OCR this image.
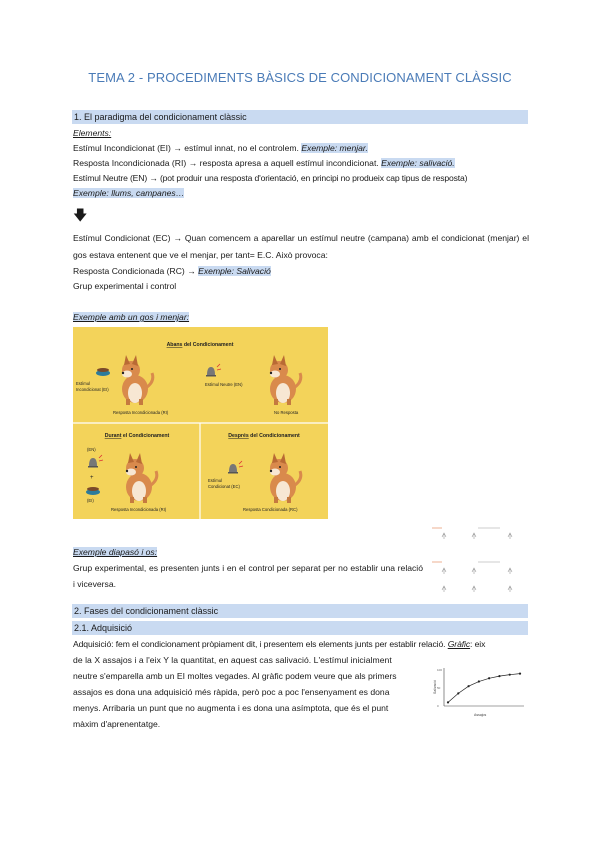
TEMA 2 - PROCEDIMENTS BÀSICS DE CONDICIONAMENT CLÀSSIC
1. El paradigma del condicionament clàssic
Elements:
Estímul Incondicionat (EI) → estímul innat, no el controlem. Exemple: menjar.
Resposta Incondicionada (RI) → resposta apresa a aquell estímul incondicionat. Exemple: salivació.
Estímul Neutre (EN) → (pot produir una resposta d'orientació, en principi no produeix cap tipus de resposta)
Exemple: llums, campanes…
🡇
Estímul Condicionat (EC) → Quan comencem a aparellar un estímul neutre (campana) amb el condicionat (menjar) el gos estava entenent que ve el menjar, per tant= E.C. Això provoca:
Resposta Condicionada (RC) → Exemple: Salivació
Grup experimental i control
Exemple amb un gos i menjar:
Abans del Condicionament
Estímul
Incondicionat (EI)
Resposta Incondicionada (RI)
Estímul Neutre (EN)
No Resposta
Durant el Condicionament
(EN)
+
(EI)
Resposta Incondicionada (RI)
Després del Condicionament
Estímul
Condicionat (EC)
Resposta Condicionada (RC)
Exemple diapasó i os:
Grup experimental, es presenten junts i en el control per separat per no establir una relació i viceversa.
2. Fases del condicionament clàssic
2.1. Adquisició
Adquisició: fem el condicionament pròpiament dit, i presentem els elements junts per establir relació. Gràfic: eix
de la X assajos i a l'eix Y la quantitat, en aquest cas salivació. L'estímul inicialment
neutre s'emparella amb un EI moltes vegades. Al gràfic podem veure que als primers
assajos es dona una adquisició més ràpida, però poc a poc l'ensenyament es dona
menys. Arribaria un punt que no augmenta i es dona una asímptota, que és el punt
màxim d'aprenentatge.
Salivació
Assajos
0
50
100
